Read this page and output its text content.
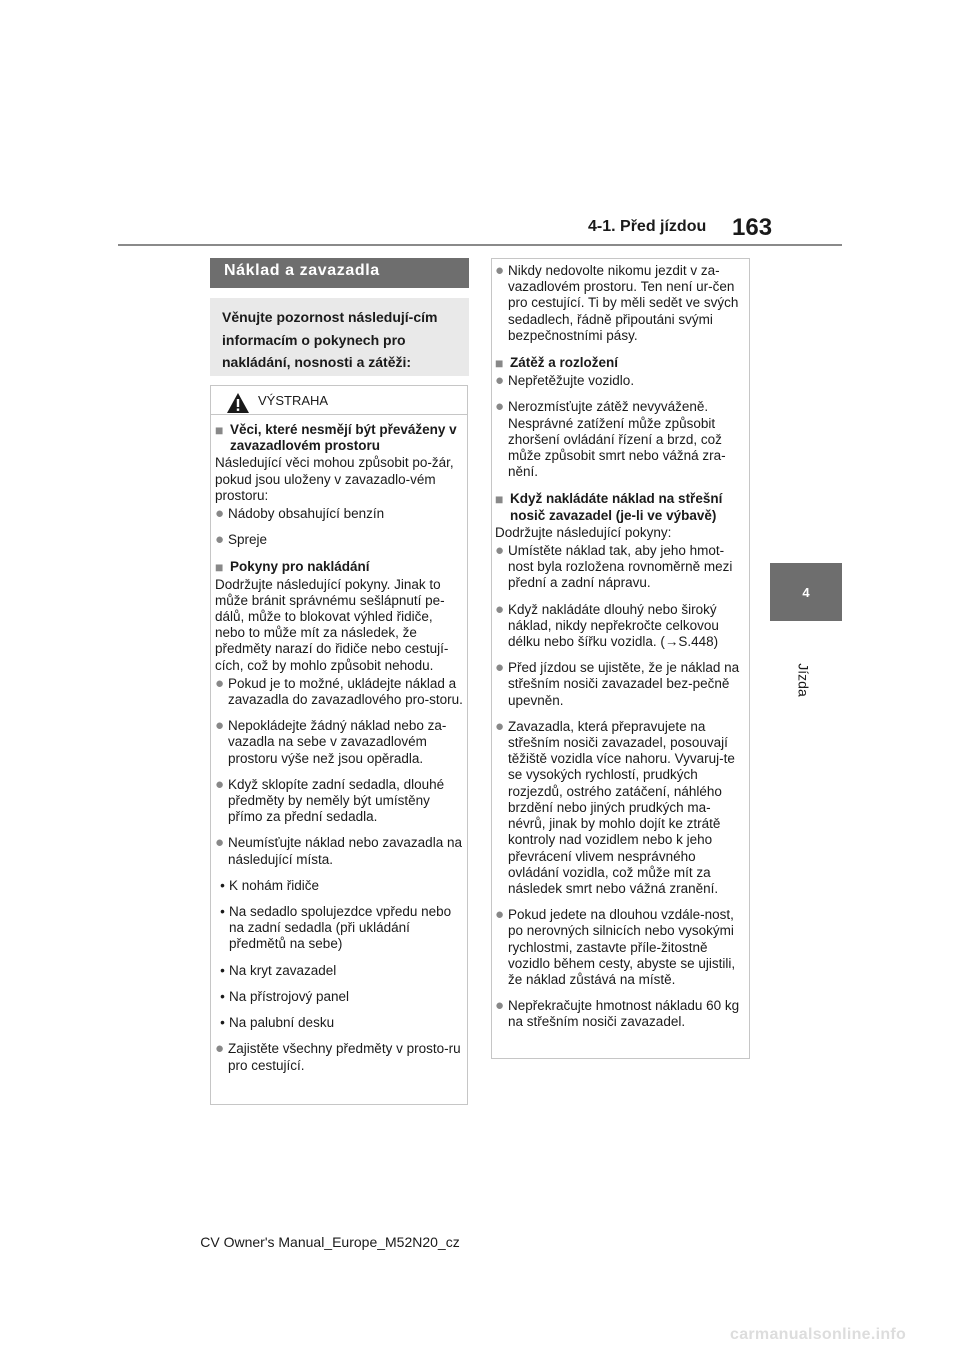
4-1. Před jízdou 163
4
Jízda
Náklad a zavazadla
Věnujte pozornost následují-cím informacím o pokynech pro nakládání, nosnosti a zátěži:
VÝSTRAHA
■ Věci, které nesmějí být převáženy v zavazadlovém prostoru
Následující věci mohou způsobit po-žár, pokud jsou uloženy v zavazadlo-vém prostoru:
● Nádoby obsahující benzín
● Spreje
■ Pokyny pro nakládání
Dodržujte následující pokyny. Jinak to může bránit správnému sešlápnutí pe-dálů, může to blokovat výhled řidiče, nebo to může mít za následek, že předměty narazí do řidiče nebo cestují-cích, což by mohlo způsobit nehodu.
● Pokud je to možné, ukládejte náklad a zavazadla do zavazadlového pro-storu.
● Nepokládejte žádný náklad nebo za-vazadla na sebe v zavazadlovém prostoru výše než jsou opěradla.
● Když sklopíte zadní sedadla, dlouhé předměty by neměly být umístěny přímo za přední sedadla.
● Neumísťujte náklad nebo zavazadla na následující místa.
• K nohám řidiče
• Na sedadlo spolujezdce vpředu nebo na zadní sedadla (při ukládání předmětů na sebe)
• Na kryt zavazadel
• Na přístrojový panel
• Na palubní desku
● Zajistěte všechny předměty v prosto-ru pro cestující.
● Nikdy nedovolte nikomu jezdit v za-vazadlovém prostoru. Ten není ur-čen pro cestující. Ti by měli sedět ve svých sedadlech, řádně připoutáni svými bezpečnostními pásy.
■ Zátěž a rozložení
● Nepřetěžujte vozidlo.
● Nerozmísťujte zátěž nevyváženě. Nesprávné zatížení může způsobit zhoršení ovládání řízení a brzd, což může způsobit smrt nebo vážná zra-nění.
■ Když nakládáte náklad na střešní nosič zavazadel (je-li ve výbavě)
Dodržujte následující pokyny:
● Umístěte náklad tak, aby jeho hmot-nost byla rozložena rovnoměrně mezi přední a zadní nápravu.
● Když nakládáte dlouhý nebo široký náklad, nikdy nepřekročte celkovou délku nebo šířku vozidla. (→S.448)
● Před jízdou se ujistěte, že je náklad na střešním nosiči zavazadel bez-pečně upevněn.
● Zavazadla, která přepravujete na střešním nosiči zavazadel, posouvají těžiště vozidla více nahoru. Vyvaruj-te se vysokých rychlostí, prudkých rozjezdů, ostrého zatáčení, náhlého brzdění nebo jiných prudkých ma-névrů, jinak by mohlo dojít ke ztrátě kontroly nad vozidlem nebo k jeho převrácení vlivem nesprávného ovládání vozidla, což může mít za následek smrt nebo vážná zranění.
● Pokud jedete na dlouhou vzdále-nost, po nerovných silnicích nebo vysokými rychlostmi, zastavte příle-žitostně vozidlo během cesty, abyste se ujistili, že náklad zůstává na místě.
● Nepřekračujte hmotnost nákladu 60 kg na střešním nosiči zavazadel.
CV Owner's Manual_Europe_M52N20_cz
carmanualsonline.info
